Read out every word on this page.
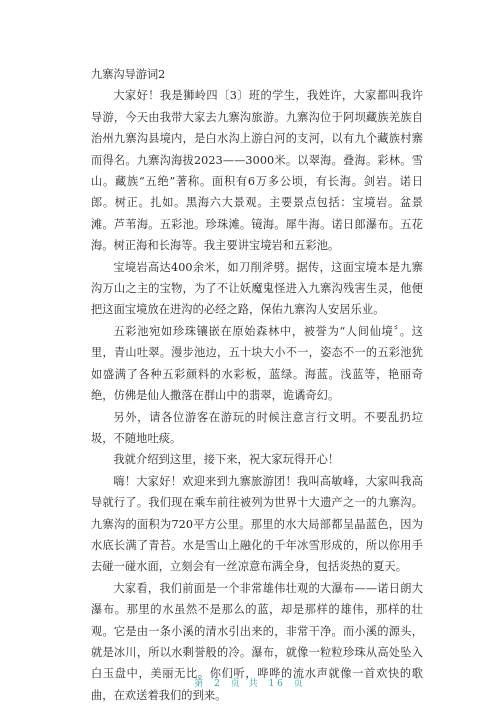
九寨沟导游词2

大家好！我是狮岭四〔3〕班的学生，我姓许，大家都叫我许导游，今天由我带大家去九寨沟旅游。九寨沟位于阿坝藏族羌族自治州九寨沟县境内，是白水沟上游白河的支河，以有九个藏族村寨而得名。九寨沟海拔2023——3000米。以翠海。叠海。彩林。雪山。藏族“五绝”著称。面积有6万多公顷，有长海。剑岩。诺日郎。树正。扎如。黑海六大景观。主要景点包括：宝境岩。盆景滩。芦苇海。五彩池。珍珠滩。镜海。犀牛海。诺日郎瀑布。五花海。树正海和长海等。我主要讲宝境岩和五彩池。

宝境岩高达400余米，如刀削斧劈。据传，这面宝境本是九寨沟万山之主的宝物，为了不让妖魔鬼怪进入九寨沟残害生灵，他便把这面宝境放在进沟的必经之路，保佑九寨沟人安居乐业。

五彩池宛如珍珠镶嵌在原始森林中，被誉为“人间仙境〞。这里，青山吐翠。漫步池边，五十块大小不一，姿态不一的五彩池犹如盛满了各种五彩颜料的水彩板，蓝绿。海蓝。浅蓝等，艳丽奇绝，仿佛是仙人撒落在群山中的翡翠，诡谲奇幻。

另外，请各位游客在游玩的时候注意言行文明。不要乱扔垃圾，不随地吐痰。

我就介绍到这里，接下来，祝大家玩得开心！

嗨！大家好！欢迎来到九寨旅游团！我叫高敏峰，大家叫我高导就行了。我们现在乘车前往被列为世界十大遗产之一的九寨沟。九寨沟的面积为720平方公里。那里的水大局部都呈晶蓝色，因为水底长满了青苔。水是雪山上融化的千年冰雪形成的，所以你用手去碰一碰水面，立刻会有一丝凉意布满全身，包括炎热的夏天。

大家看，我们前面是一个非常雄伟壮观的大瀑布——诺日朗大瀑布。那里的水虽然不是那么的蓝，却是那样的雄伟，那样的壮观。它是由一条小溪的清水引出来的，非常干净。而小溪的源头，就是冰川，所以水剩誉般的冷。瀑布，就像一粒粒珍珠从高处坠入白玉盘中，美丽无比。你们听，哗哗的流水声就像一首欢快的歌曲，在欢送着我们的到来。

第 2 页 共 16 页
